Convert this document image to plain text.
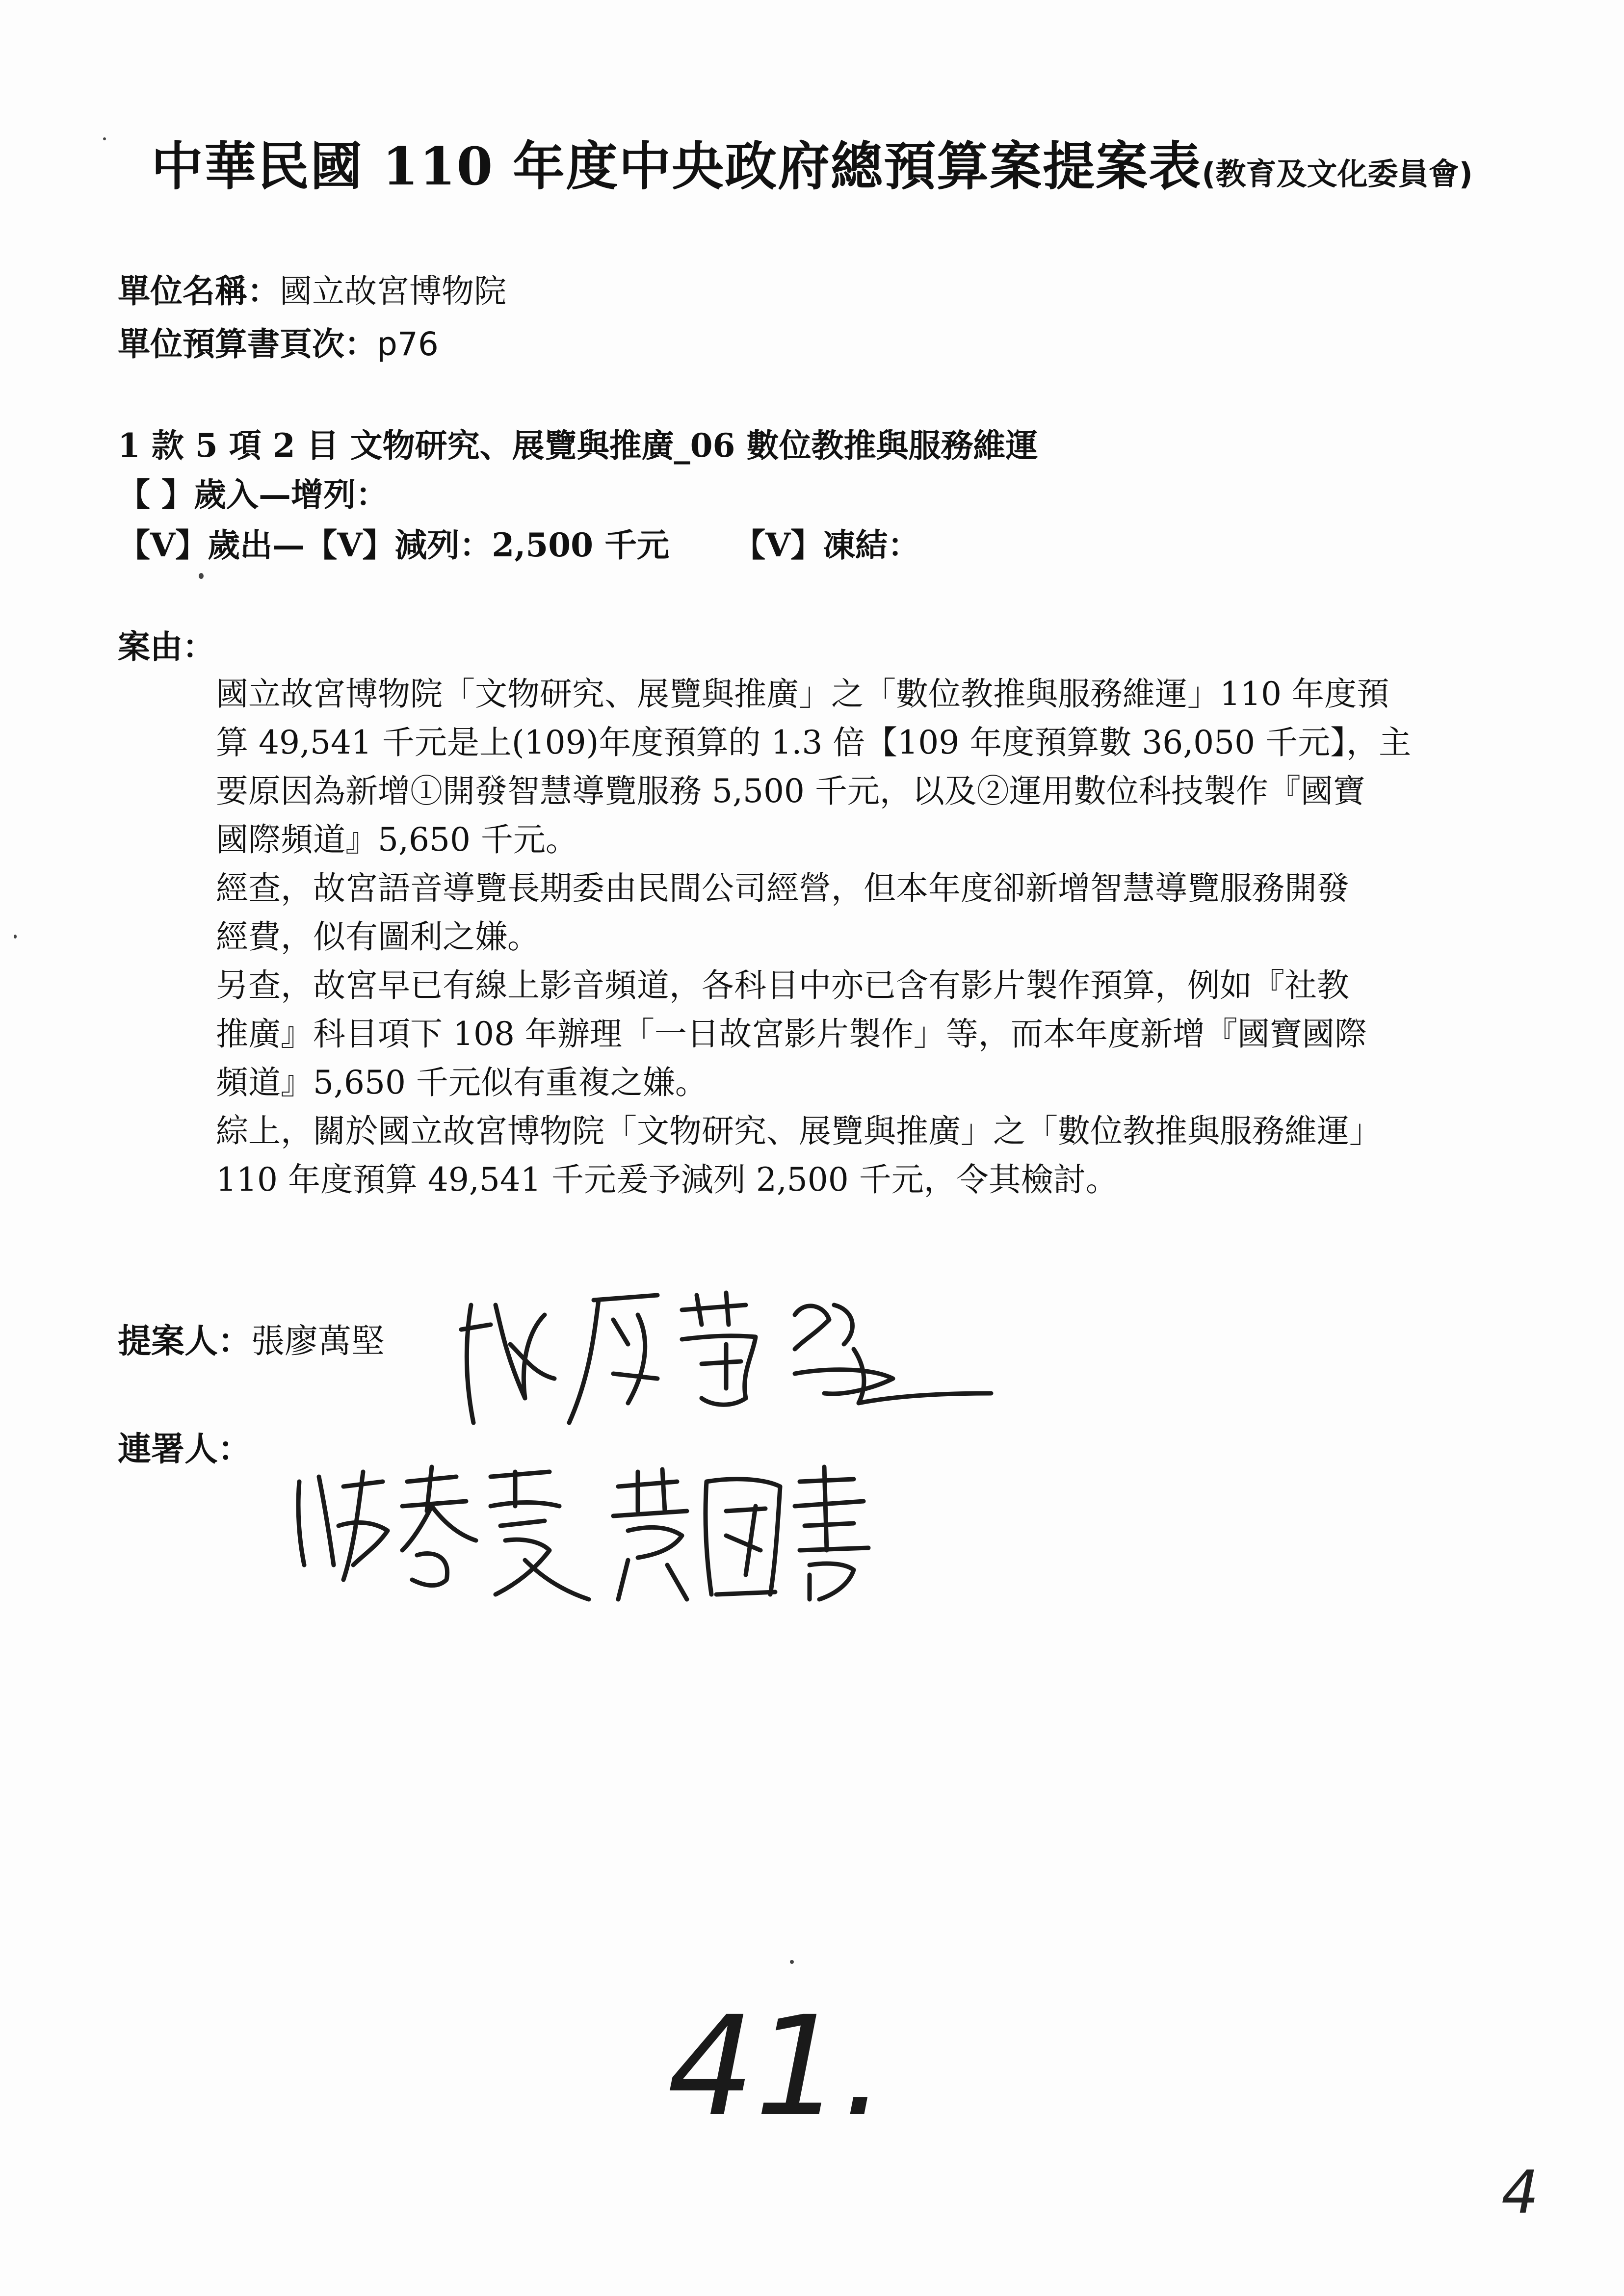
中華民國 110 年度中央政府總預算案提案表(教育及文化委員會)
單位名稱：國立故宮博物院
單位預算書頁次：p76
1 款 5 項 2 目 文物研究、展覽與推廣_06 數位教推與服務維運
【 】歲入—增列：
【V】歲出—【V】減列：2,500 千元 【V】凍結：
案由：
國立故宮博物院「文物研究、展覽與推廣」之「數位教推與服務維運」110 年度預
算 49,541 千元是上(109)年度預算的 1.3 倍【109 年度預算數 36,050 千元】，主
要原因為新增①開發智慧導覽服務 5,500 千元，以及②運用數位科技製作『國寶
國際頻道』5,650 千元。
經查，故宮語音導覽長期委由民間公司經營，但本年度卻新增智慧導覽服務開發
經費，似有圖利之嫌。
另查，故宮早已有線上影音頻道，各科目中亦已含有影片製作預算，例如『社教
推廣』科目項下 108 年辦理「一日故宮影片製作」等，而本年度新增『國寶國際
頻道』5,650 千元似有重複之嫌。
綜上，關於國立故宮博物院「文物研究、展覽與推廣」之「數位教推與服務維運」
110 年度預算 49,541 千元爰予減列 2,500 千元，令其檢討。
提案人：張廖萬堅
連署人：
41.
4
